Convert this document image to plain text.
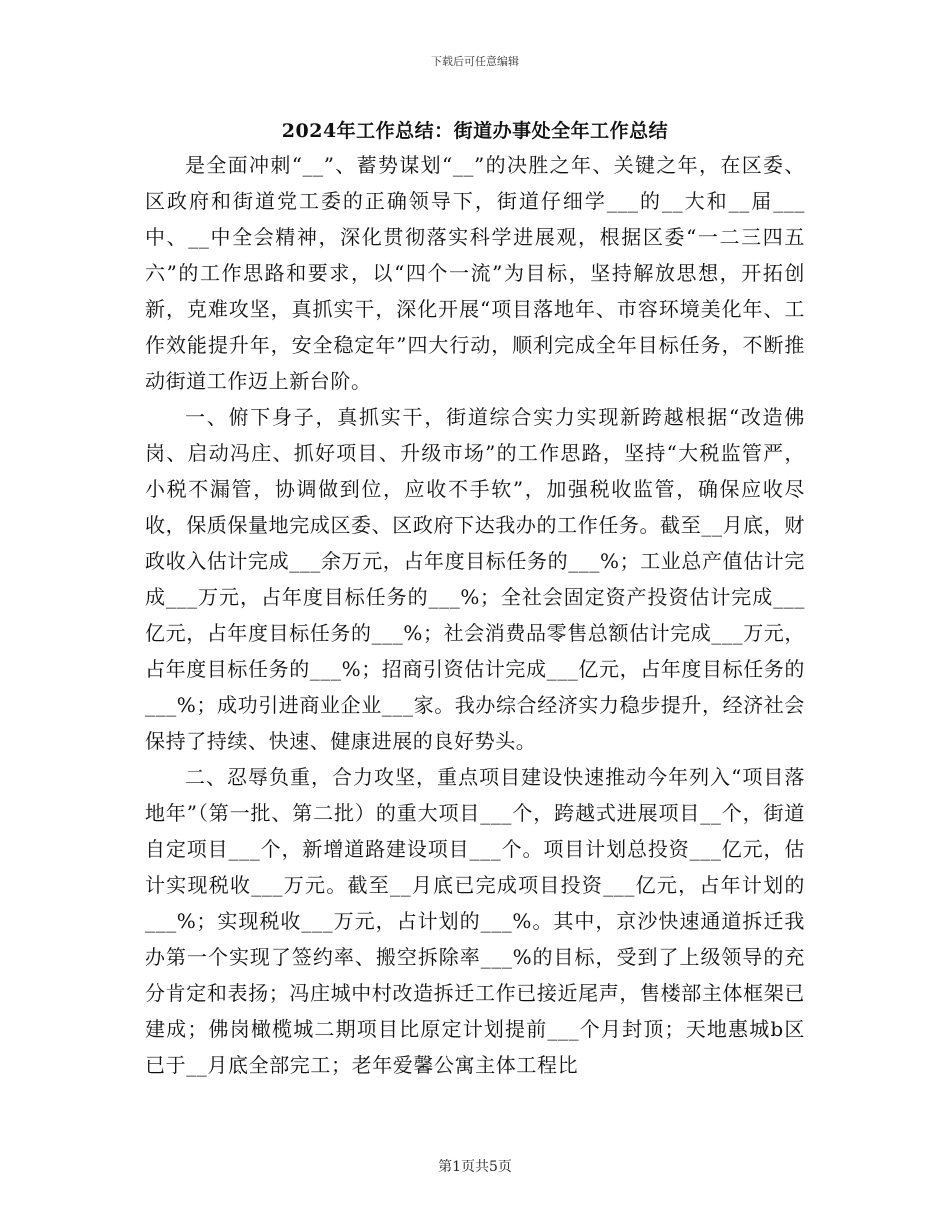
下载后可任意编辑
2024年工作总结：街道办事处全年工作总结

是全面冲刺“__”、蓄势谋划“__”的决胜之年、关键之年，在区委、区政府和街道党工委的正确领导下，街道仔细学___的__大和__届___中、__中全会精神，深化贯彻落实科学进展观，根据区委“一二三四五六”的工作思路和要求，以“四个一流”为目标，坚持解放思想，开拓创新，克难攻坚，真抓实干，深化开展“项目落地年、市容环境美化年、工作效能提升年，安全稳定年”四大行动，顺利完成全年目标任务，不断推动街道工作迈上新台阶。

一、俯下身子，真抓实干，街道综合实力实现新跨越根据“改造佛岗、启动冯庄、抓好项目、升级市场”的工作思路，坚持“大税监管严，小税不漏管，协调做到位，应收不手软”，加强税收监管，确保应收尽收，保质保量地完成区委、区政府下达我办的工作任务。截至__月底，财政收入估计完成___余万元，占年度目标任务的___%；工业总产值估计完成___万元，占年度目标任务的___%；全社会固定资产投资估计完成___亿元，占年度目标任务的___%；社会消费品零售总额估计完成___万元，占年度目标任务的___%；招商引资估计完成___亿元，占年度目标任务的___%；成功引进商业企业___家。我办综合经济实力稳步提升，经济社会保持了持续、快速、健康进展的良好势头。

二、忍辱负重，合力攻坚，重点项目建设快速推动今年列入“项目落地年”（第一批、第二批）的重大项目___个，跨越式进展项目__个，街道自定项目___个，新增道路建设项目___个。项目计划总投资___亿元，估计实现税收___万元。截至__月底已完成项目投资___亿元，占年计划的___%；实现税收___万元，占计划的___%。其中，京沙快速通道拆迁我办第一个实现了签约率、搬空拆除率___%的目标，受到了上级领导的充分肯定和表扬；冯庄城中村改造拆迁工作已接近尾声，售楼部主体框架已建成；佛岗橄榄城二期项目比原定计划提前___个月封顶；天地惠城b区已于__月底全部完工；老年爱馨公寓主体工程比

第1页共5页
